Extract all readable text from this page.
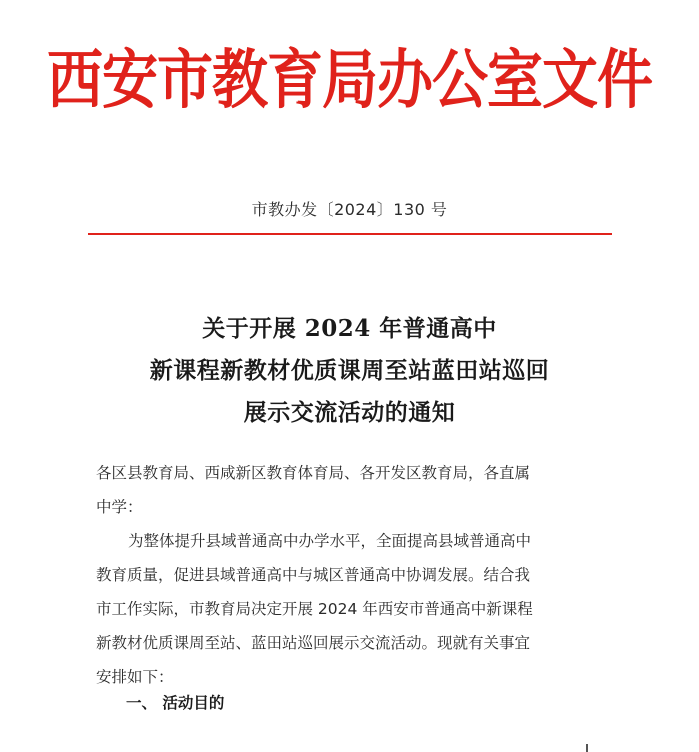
西安市教育局办公室文件
市教办发〔2024〕130 号
关于开展 2024 年普通高中
新课程新教材优质课周至站蓝田站巡回
展示交流活动的通知
各区县教育局、西咸新区教育体育局、各开发区教育局，各直属
中学：
为整体提升县域普通高中办学水平，全面提高县域普通高中
教育质量，促进县域普通高中与城区普通高中协调发展。结合我
市工作实际，市教育局决定开展 2024 年西安市普通高中新课程
新教材优质课周至站、蓝田站巡回展示交流活动。现就有关事宜
安排如下：
一、 活动目的
